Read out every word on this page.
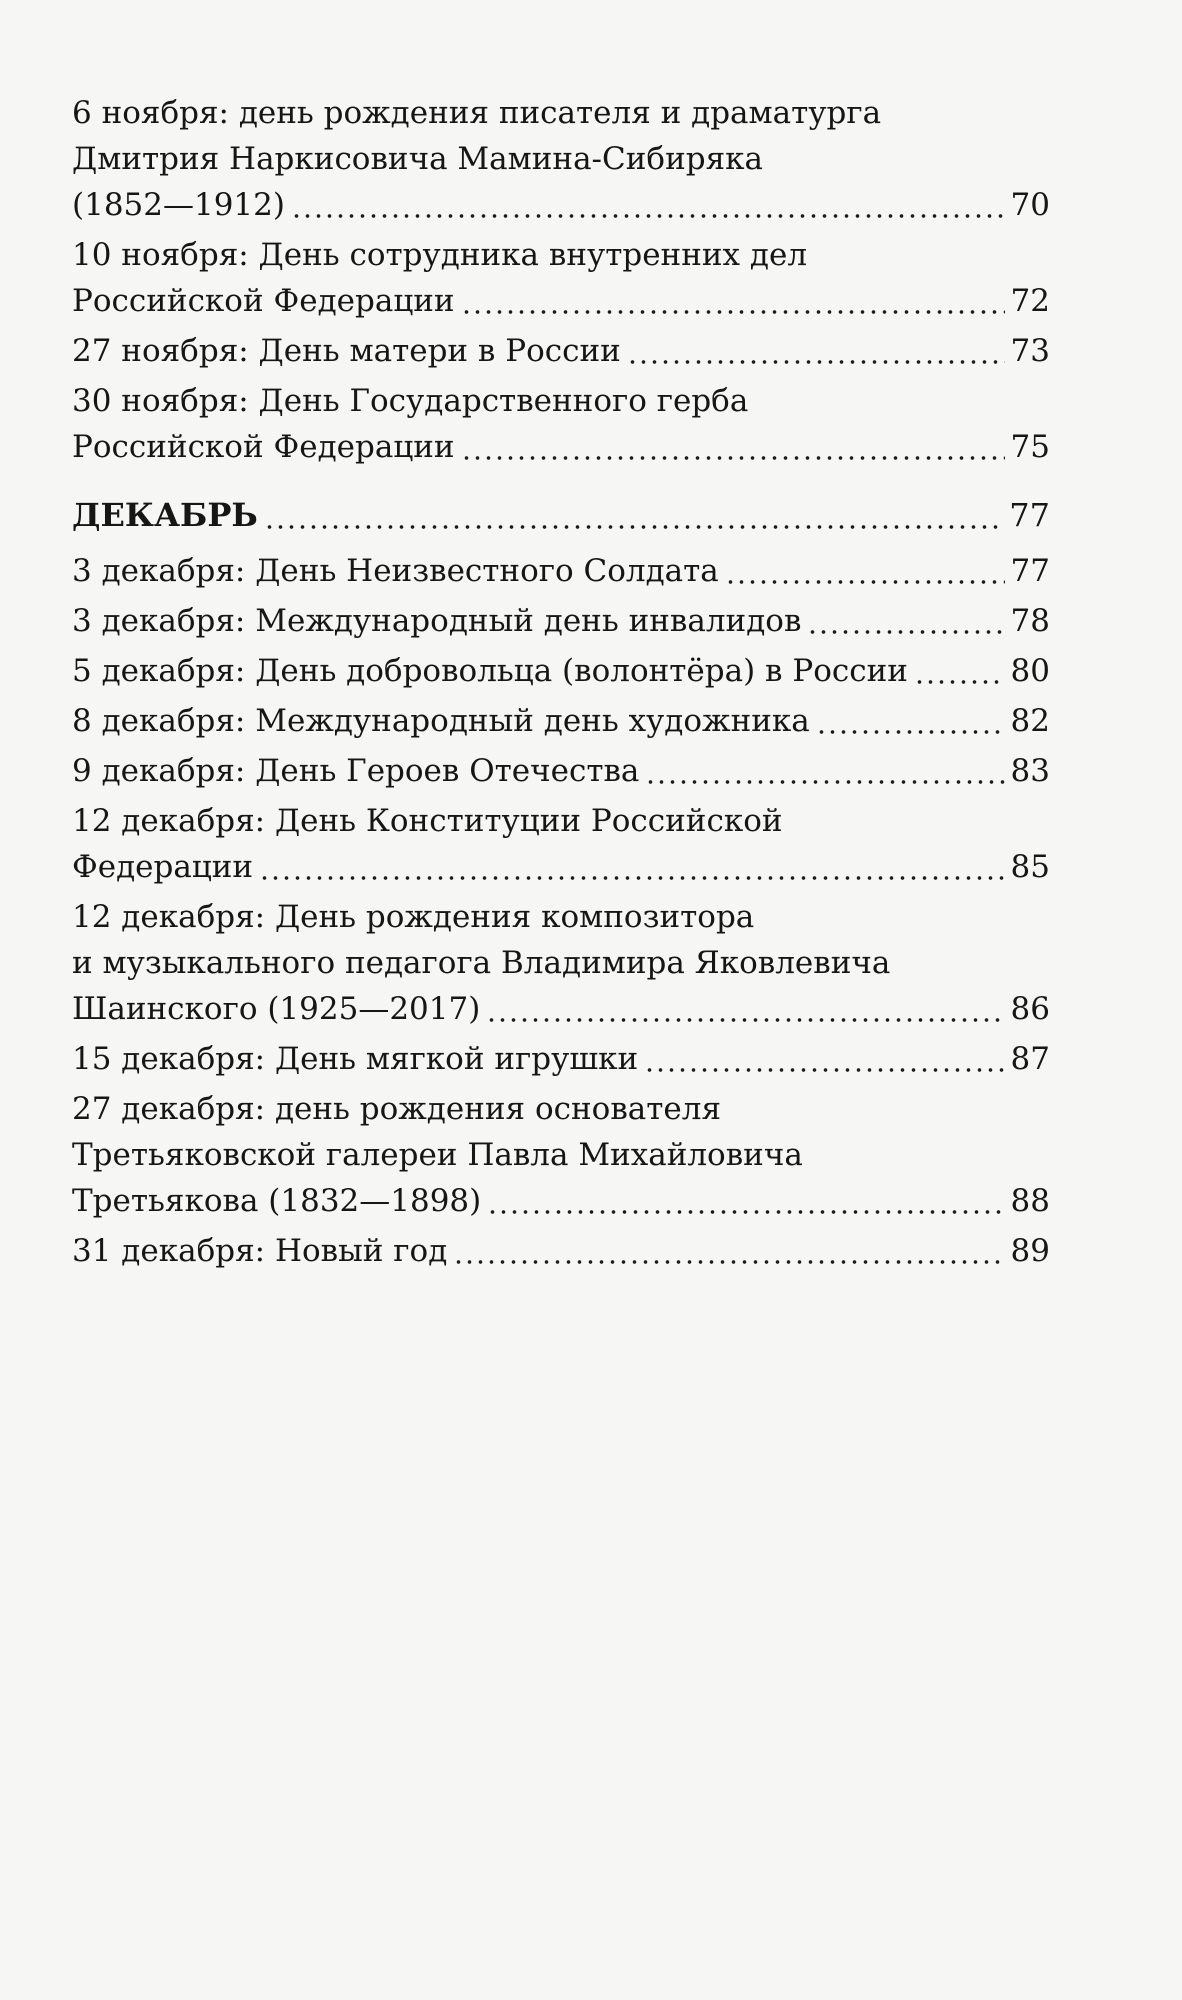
6 ноября: день рождения писателя и драматурга
Дмитрия Наркисовича Мамина-Сибиряка
(1852—1912)	70
10 ноября: День сотрудника внутренних дел
Российской Федерации	72
27 ноября: День матери в России	73
30 ноября: День Государственного герба
Российской Федерации	75
ДЕКАБРЬ	77
3 декабря: День Неизвестного Солдата	77
3 декабря: Международный день инвалидов	78
5 декабря: День добровольца (волонтёра) в России	80
8 декабря: Международный день художника	82
9 декабря: День Героев Отечества	83
12 декабря: День Конституции Российской
Федерации	85
12 декабря: День рождения композитора
и музыкального педагога Владимира Яковлевича
Шаинского (1925—2017)	86
15 декабря: День мягкой игрушки	87
27 декабря: день рождения основателя
Третьяковской галереи Павла Михайловича
Третьякова (1832—1898)	88
31 декабря: Новый год	89
